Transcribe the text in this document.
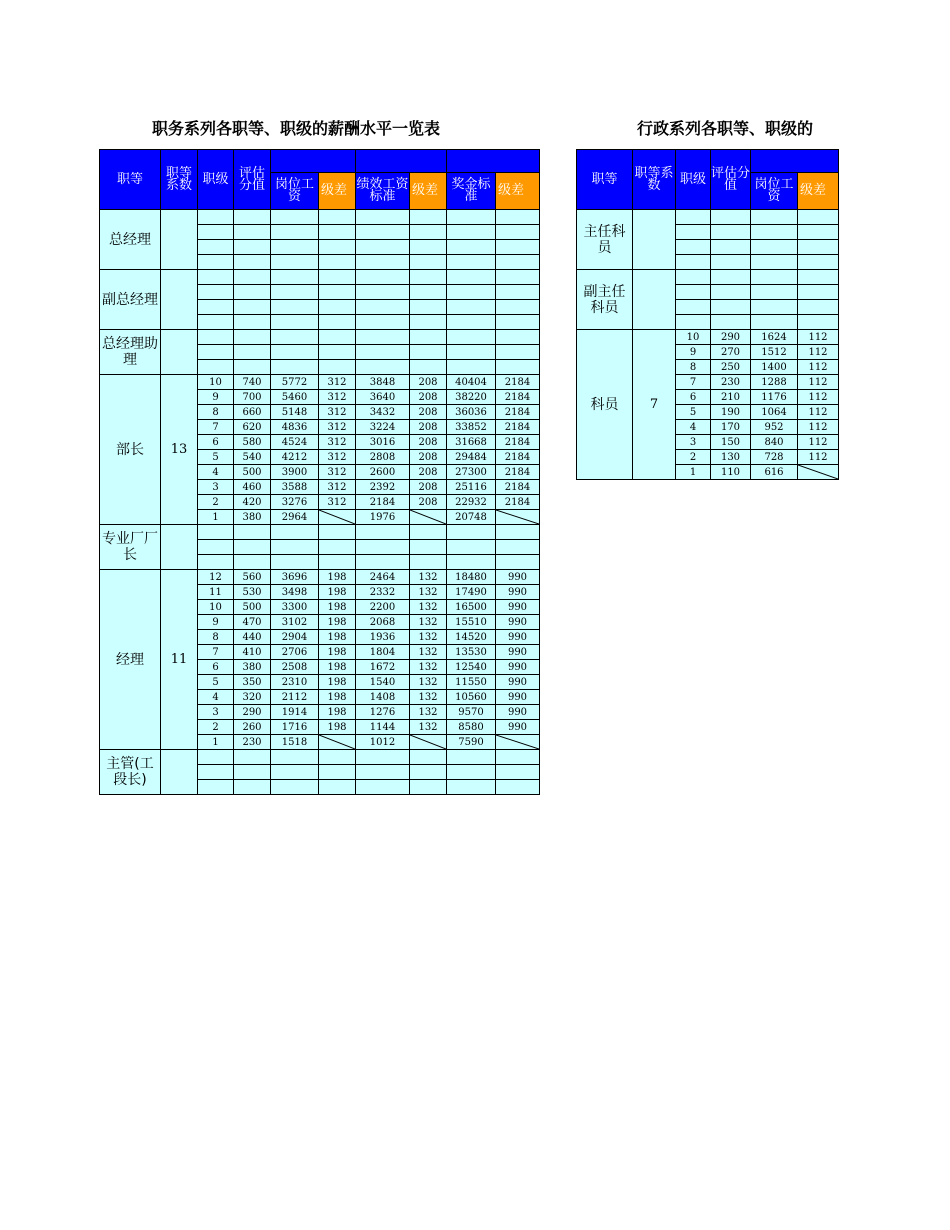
职务系列各职等、职级的薪酬水平一览表	行政系列各职等、职级的
职等	职等系数	职级	评估分值						
				岗位工资	级差	绩效工资标准	级差	奖金标准	级差
总经理									

副总经理									

总经理助理									

部长	13	10	740	5772	312	3848	208	40404	2184
		9	700	5460	312	3640	208	38220	2184
		8	660	5148	312	3432	208	36036	2184
		7	620	4836	312	3224	208	33852	2184
		6	580	4524	312	3016	208	31668	2184
		5	540	4212	312	2808	208	29484	2184
		4	500	3900	312	2600	208	27300	2184
		3	460	3588	312	2392	208	25116	2184
		2	420	3276	312	2184	208	22932	2184
		1	380	2964		1976		20748	

专业厂厂长									

经理	11	12	560	3696	198	2464	132	18480	990
		11	530	3498	198	2332	132	17490	990
		10	500	3300	198	2200	132	16500	990
		9	470	3102	198	2068	132	15510	990
		8	440	2904	198	1936	132	14520	990
		7	410	2706	198	1804	132	13530	990
		6	380	2508	198	1672	132	12540	990
		5	350	2310	198	1540	132	11550	990
		4	320	2112	198	1408	132	10560	990
		3	290	1914	198	1276	132	9570	990
		2	260	1716	198	1144	132	8580	990
		1	230	1518		1012		7590	

主管(工段长)									

职等	职等系数	职级	评估分值		
				岗位工资	级差
主任科员					

副主任科员					

科员	7	10	290	1624	112
		9	270	1512	112
		8	250	1400	112
		7	230	1288	112
		6	210	1176	112
		5	190	1064	112
		4	170	952	112
		3	150	840	112
		2	130	728	112
		1	110	616	
